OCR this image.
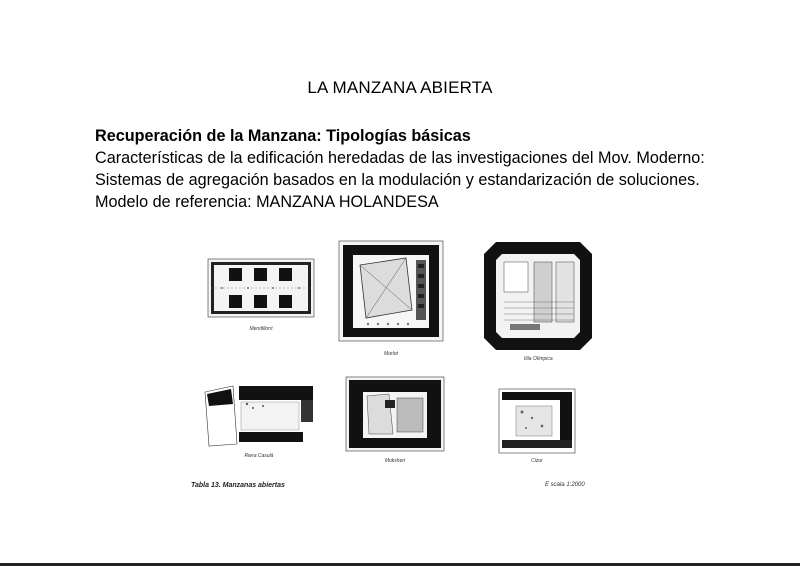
LA MANZANA ABIERTA
Recuperación de la Manzana: Tipologías básicas
Características de la edificación heredadas de las investigaciones del Mov. Moderno:
Sistemas de agregación basados en la modulación y estandarización de soluciones.
Modelo de referencia: MANZANA HOLANDESA
Mendillorri
Morlot
Vila Olímpica
Riera Casulà
Moksheri	Cizur
Tabla 13. Manzanas abiertas	E scala 1:2000
